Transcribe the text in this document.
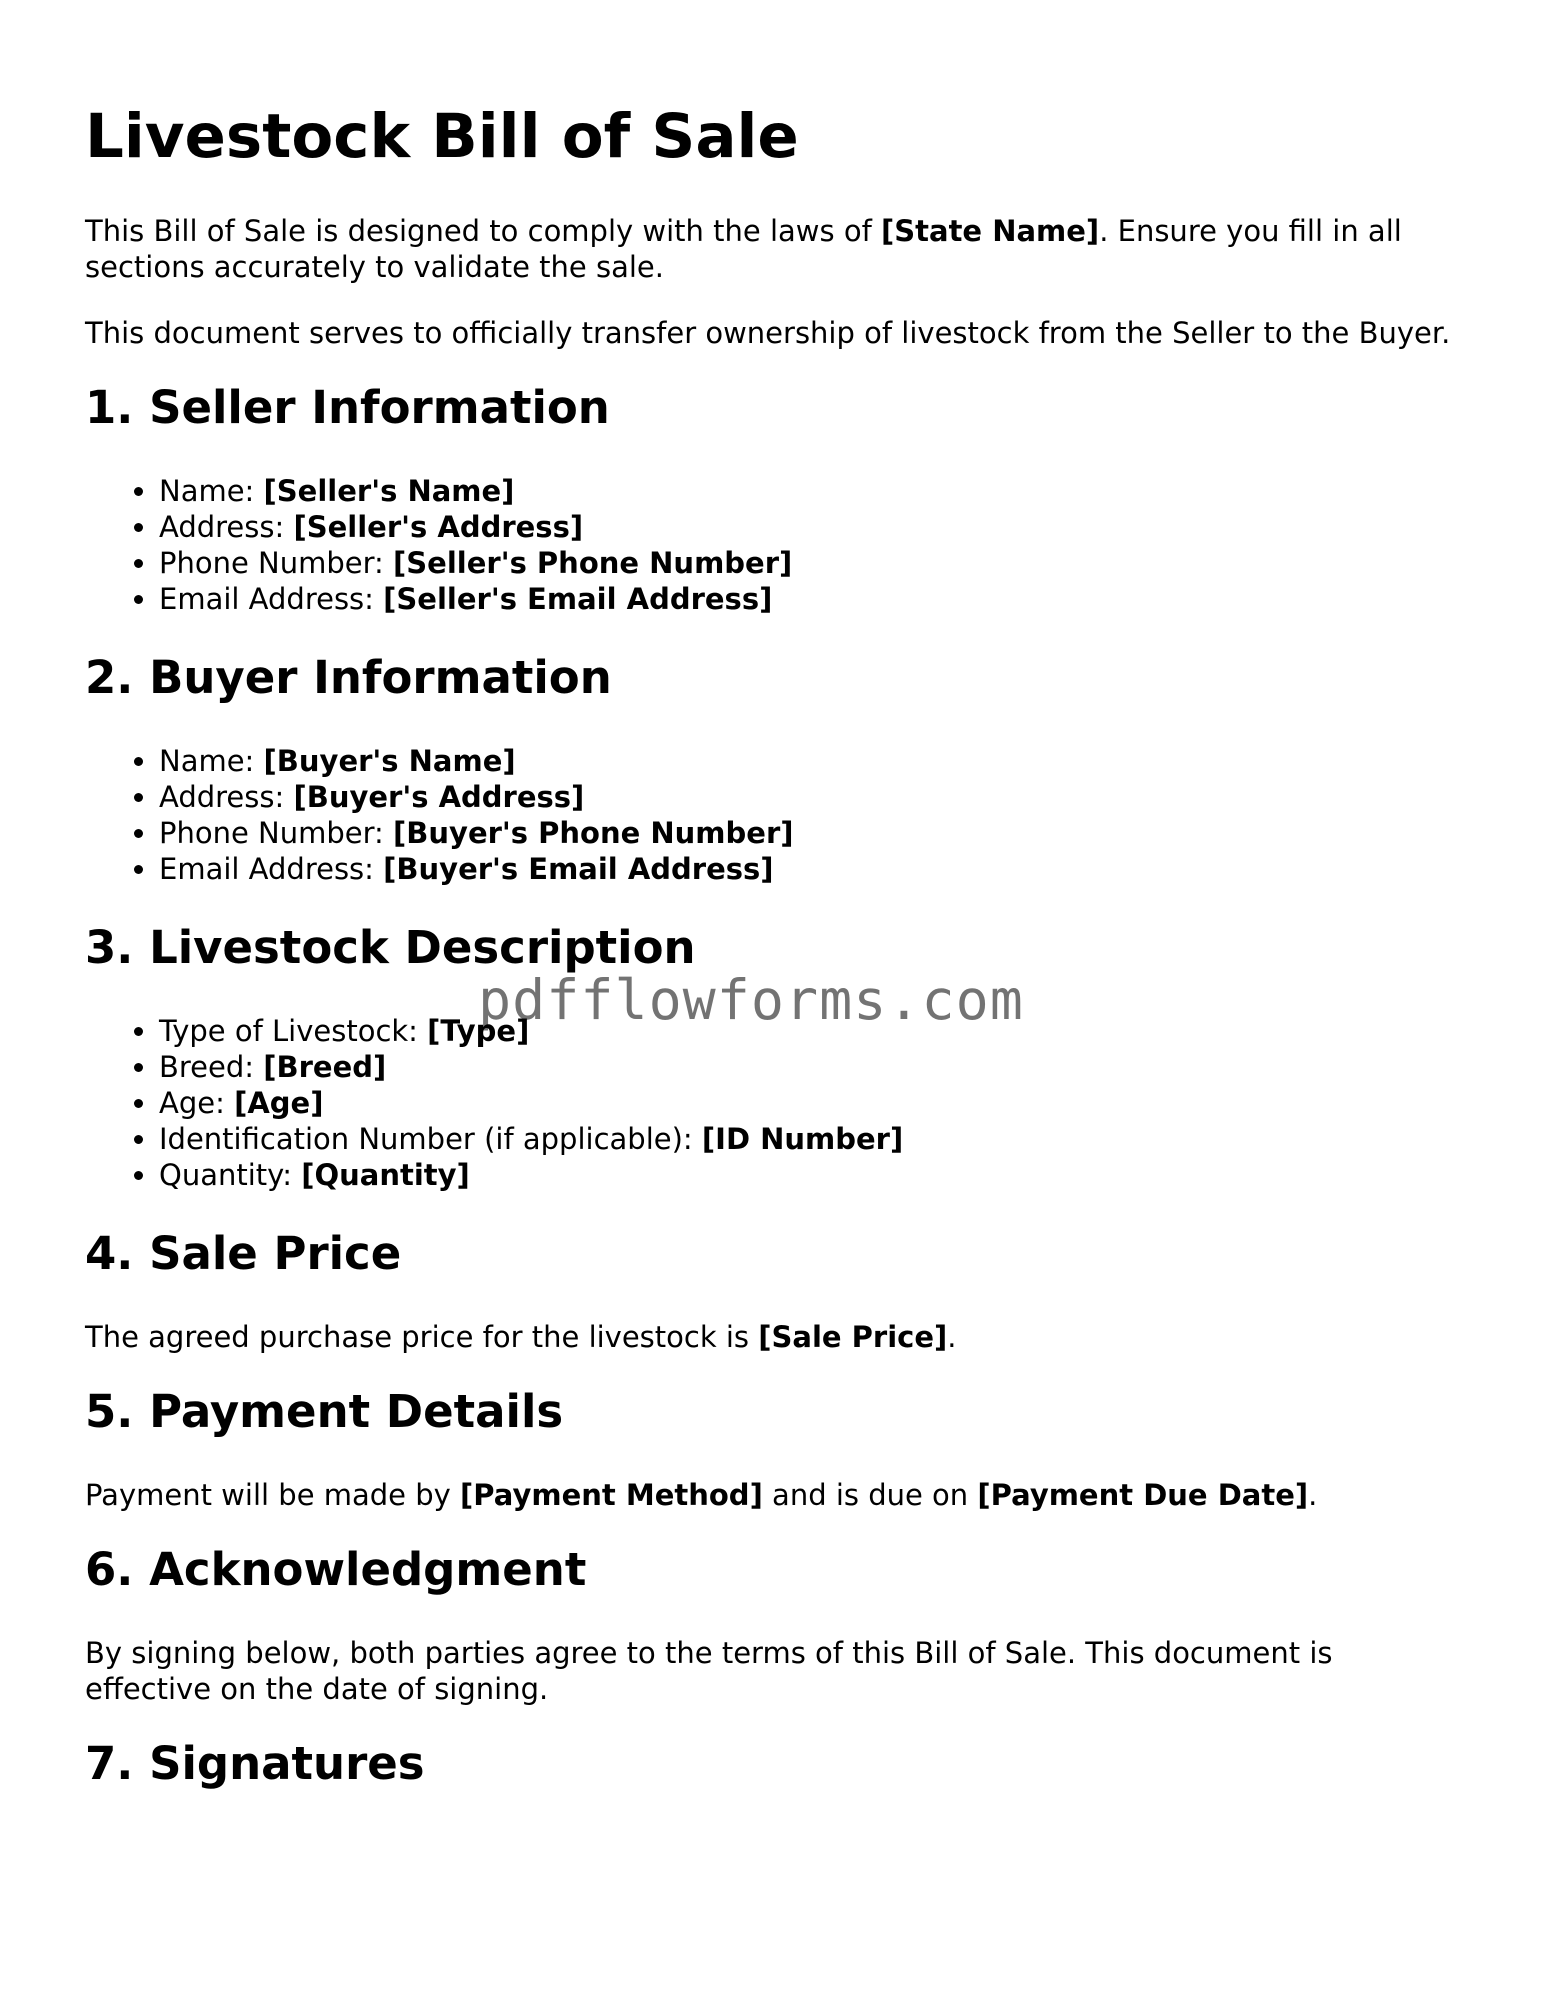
Livestock Bill of Sale

This Bill of Sale is designed to comply with the laws of [State Name]. Ensure you fill in all sections accurately to validate the sale.

This document serves to officially transfer ownership of livestock from the Seller to the Buyer.

1. Seller Information
• Name: [Seller's Name]
• Address: [Seller's Address]
• Phone Number: [Seller's Phone Number]
• Email Address: [Seller's Email Address]
2. Buyer Information
• Name: [Buyer's Name]
• Address: [Buyer's Address]
• Phone Number: [Buyer's Phone Number]
• Email Address: [Buyer's Email Address]
3. Livestock Description
• Type of Livestock: [Type]
• Breed: [Breed]
• Age: [Age]
• Identification Number (if applicable): [ID Number]
• Quantity: [Quantity]
4. Sale Price

The agreed purchase price for the livestock is [Sale Price].

5. Payment Details

Payment will be made by [Payment Method] and is due on [Payment Due Date].

6. Acknowledgment

By signing below, both parties agree to the terms of this Bill of Sale. This document is effective on the date of signing.

7. Signatures
pdfflowforms.com
